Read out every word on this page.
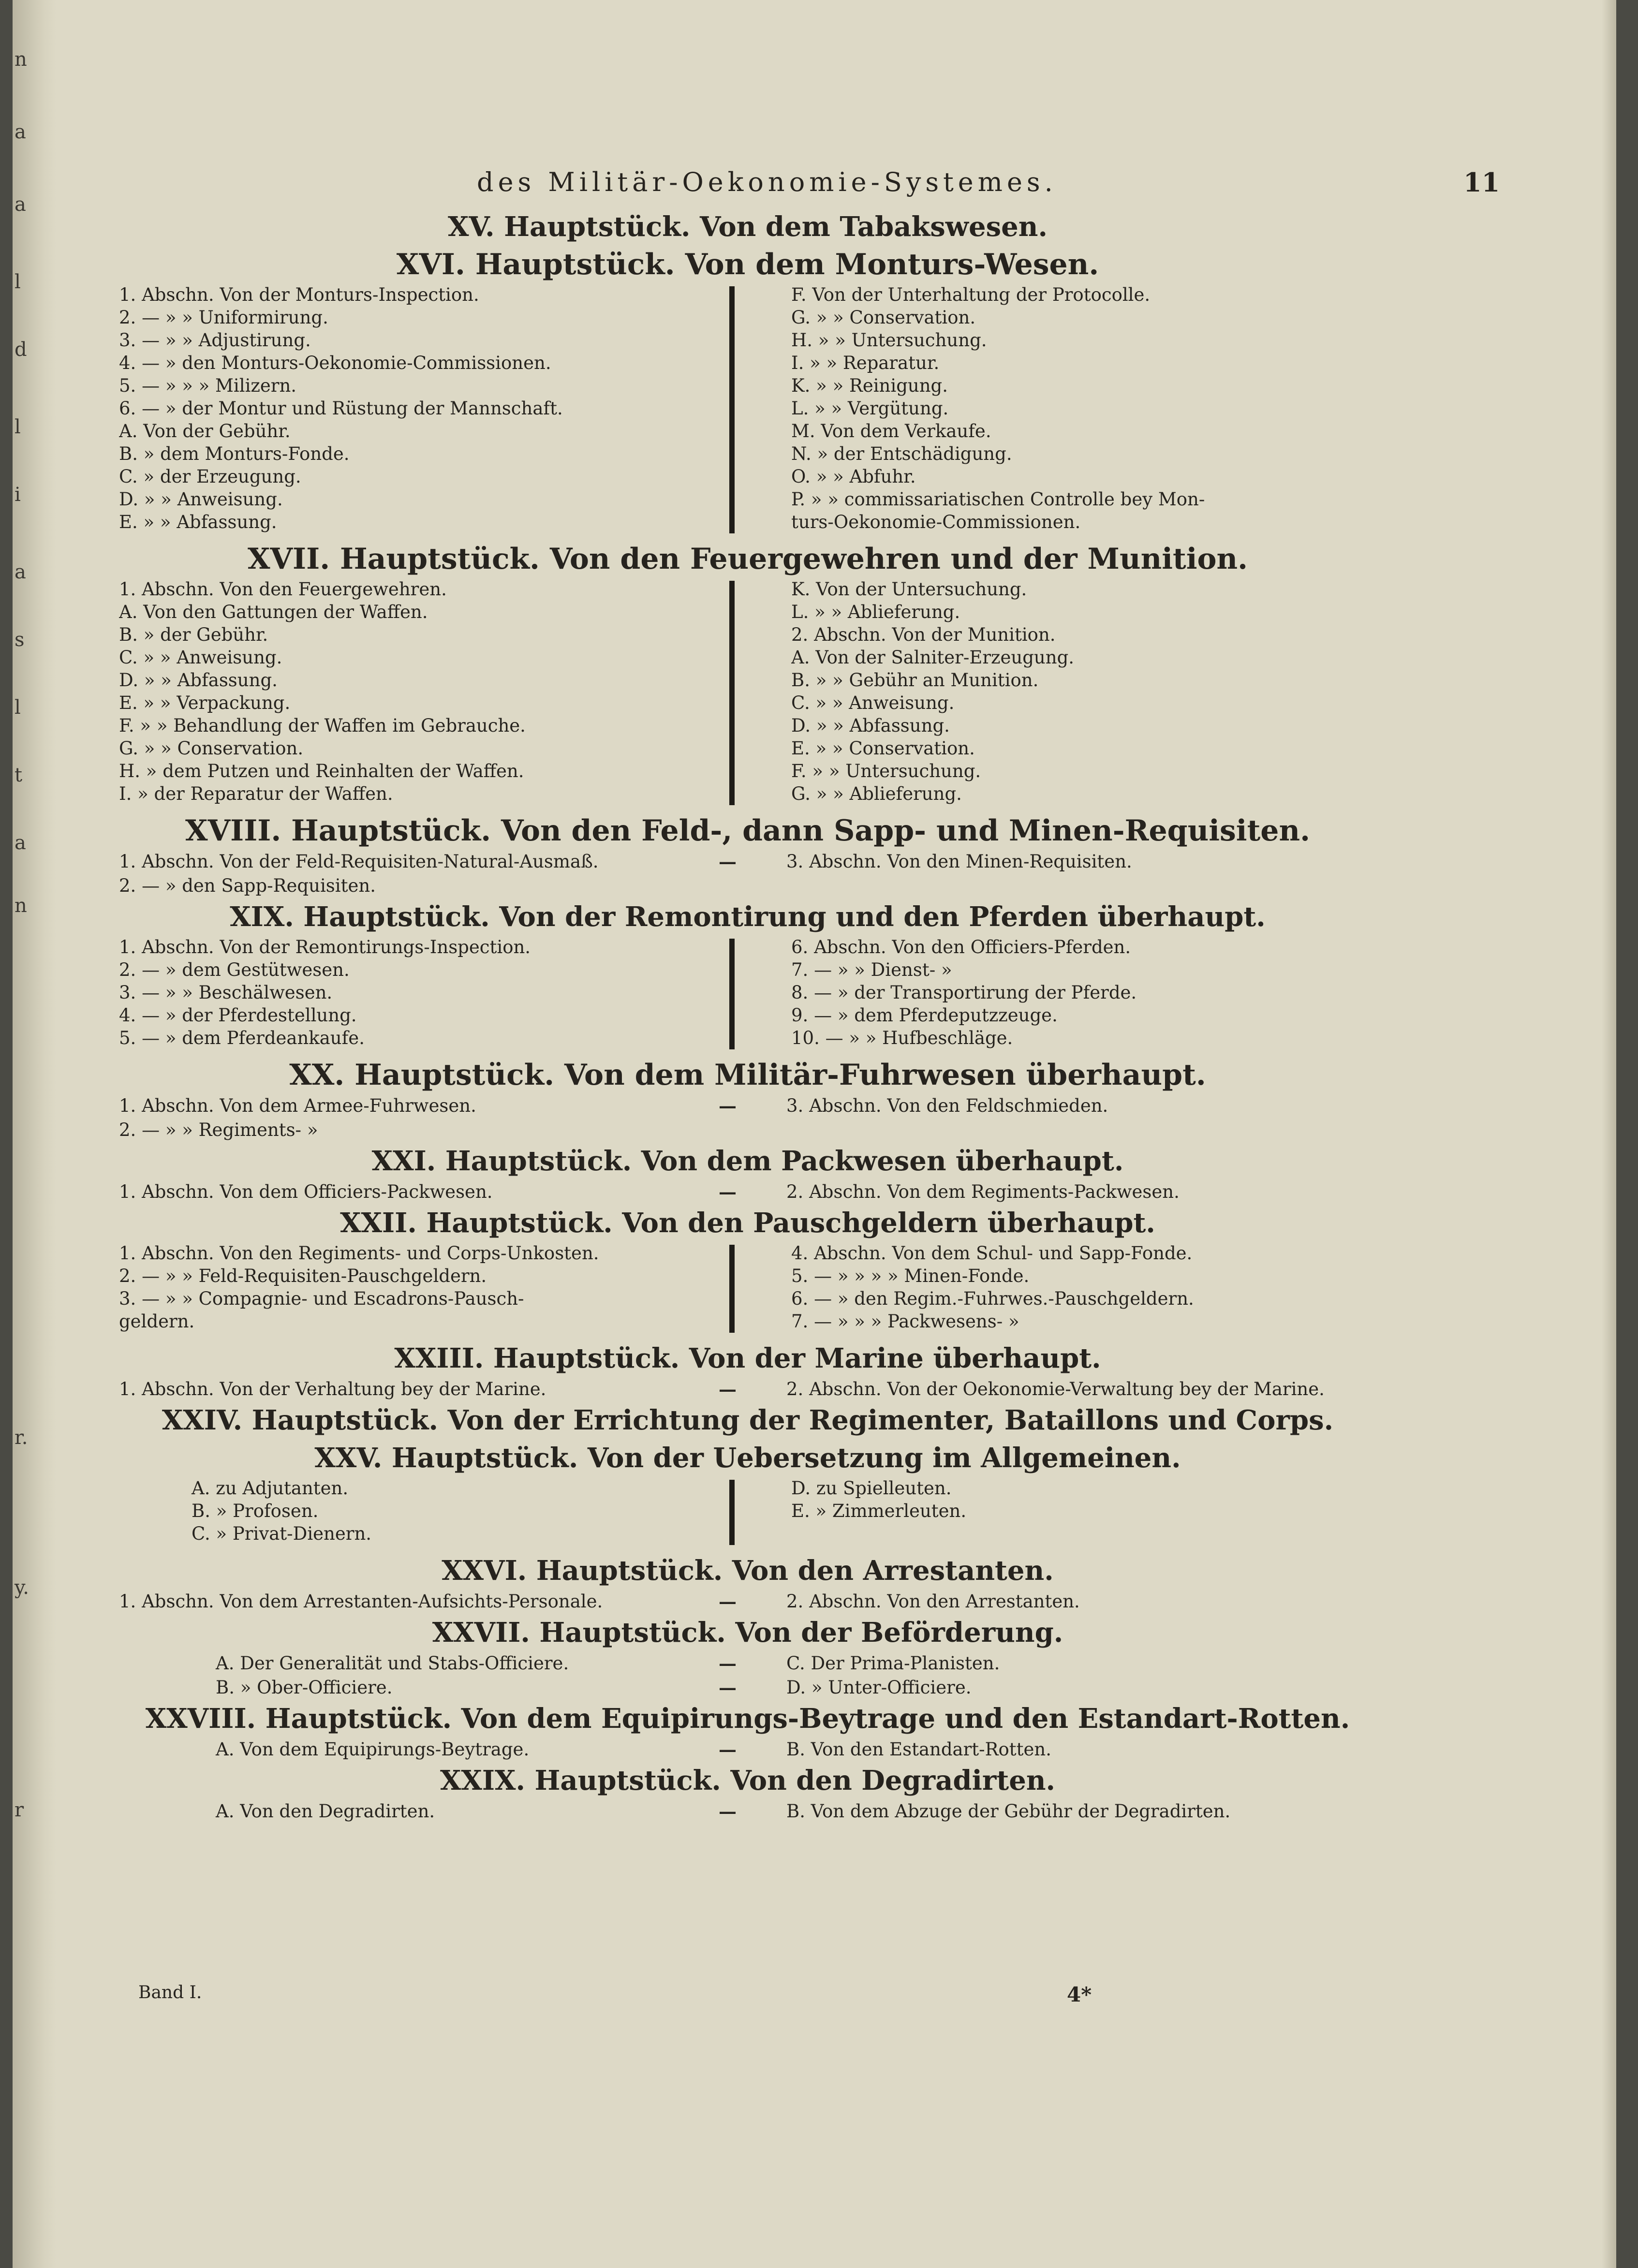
n
a
a
l
d
l
i
a
s
l
t
a
n
r.
y.
r
des Militär-Oekonomie-Systemes.	11
XV. Hauptstück. Von dem Tabakswesen.
XVI. Hauptstück. Von dem Monturs-Wesen.
1. Abschn. Von der Monturs-Inspection.
2. — » » Uniformirung.
3. — » » Adjustirung.
4. — » den Monturs-Oekonomie-Commissionen.
5. — » » » Milizern.
6. — » der Montur und Rüstung der Mannschaft.
A. Von der Gebühr.
B. » dem Monturs-Fonde.
C. » der Erzeugung.
D. » » Anweisung.
E. » » Abfassung.
F. Von der Unterhaltung der Protocolle.
G. » » Conservation.
H. » » Untersuchung.
I. » » Reparatur.
K. » » Reinigung.
L. » » Vergütung.
M. Von dem Verkaufe.
N. » der Entschädigung.
O. » » Abfuhr.
P. » » commissariatischen Controlle bey Mon-
turs-Oekonomie-Commissionen.
XVII. Hauptstück. Von den Feuergewehren und der Munition.
1. Abschn. Von den Feuergewehren.
A. Von den Gattungen der Waffen.
B. » der Gebühr.
C. » » Anweisung.
D. » » Abfassung.
E. » » Verpackung.
F. » » Behandlung der Waffen im Gebrauche.
G. » » Conservation.
H. » dem Putzen und Reinhalten der Waffen.
I. » der Reparatur der Waffen.
K. Von der Untersuchung.
L. » » Ablieferung.
2. Abschn. Von der Munition.
A. Von der Salniter-Erzeugung.
B. » » Gebühr an Munition.
C. » » Anweisung.
D. » » Abfassung.
E. » » Conservation.
F. » » Untersuchung.
G. » » Ablieferung.
XVIII. Hauptstück. Von den Feld-, dann Sapp- und Minen-Requisiten.
1. Abschn. Von der Feld-Requisiten-Natural-Ausmaß.	—	3. Abschn. Von den Minen-Requisiten.
2. — » den Sapp-Requisiten.
XIX. Hauptstück. Von der Remontirung und den Pferden überhaupt.
1. Abschn. Von der Remontirungs-Inspection.
2. — » dem Gestütwesen.
3. — » » Beschälwesen.
4. — » der Pferdestellung.
5. — » dem Pferdeankaufe.
6. Abschn. Von den Officiers-Pferden.
7. — » » Dienst- »
8. — » der Transportirung der Pferde.
9. — » dem Pferdeputzzeuge.
10. — » » Hufbeschläge.
XX. Hauptstück. Von dem Militär-Fuhrwesen überhaupt.
1. Abschn. Von dem Armee-Fuhrwesen.	—	3. Abschn. Von den Feldschmieden.
2. — » » Regiments- »
XXI. Hauptstück. Von dem Packwesen überhaupt.
1. Abschn. Von dem Officiers-Packwesen.	—	2. Abschn. Von dem Regiments-Packwesen.
XXII. Hauptstück. Von den Pauschgeldern überhaupt.
1. Abschn. Von den Regiments- und Corps-Unkosten.
2. — » » Feld-Requisiten-Pauschgeldern.
3. — » » Compagnie- und Escadrons-Pausch-
geldern.
4. Abschn. Von dem Schul- und Sapp-Fonde.
5. — » » » » Minen-Fonde.
6. — » den Regim.-Fuhrwes.-Pauschgeldern.
7. — » » » Packwesens- »
XXIII. Hauptstück. Von der Marine überhaupt.
1. Abschn. Von der Verhaltung bey der Marine.	—	2. Abschn. Von der Oekonomie-Verwaltung bey der Marine.
XXIV. Hauptstück. Von der Errichtung der Regimenter, Bataillons und Corps.
XXV. Hauptstück. Von der Uebersetzung im Allgemeinen.
A. zu Adjutanten.
B. » Profosen.
C. » Privat-Dienern.
D. zu Spielleuten.
E. » Zimmerleuten.
XXVI. Hauptstück. Von den Arrestanten.
1. Abschn. Von dem Arrestanten-Aufsichts-Personale.	—	2. Abschn. Von den Arrestanten.
XXVII. Hauptstück. Von der Beförderung.
A. Der Generalität und Stabs-Officiere.	—	C. Der Prima-Planisten.
B. » Ober-Officiere.	—	D. » Unter-Officiere.
XXVIII. Hauptstück. Von dem Equipirungs-Beytrage und den Estandart-Rotten.
A. Von dem Equipirungs-Beytrage.	—	B. Von den Estandart-Rotten.
XXIX. Hauptstück. Von den Degradirten.
A. Von den Degradirten.	—	B. Von dem Abzuge der Gebühr der Degradirten.
Band I.	4*
